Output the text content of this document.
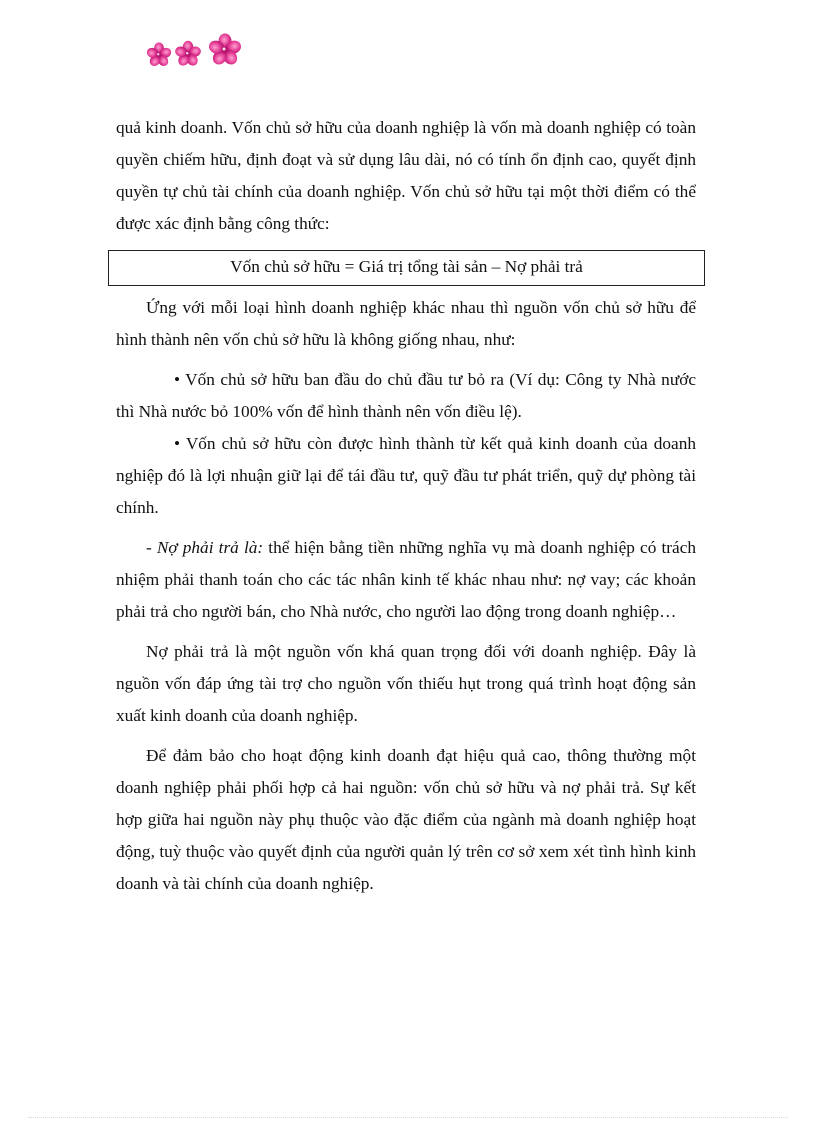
quả kinh doanh. Vốn chủ sở hữu của doanh nghiệp là vốn mà doanh nghiệp có toàn quyền chiếm hữu, định đoạt và sử dụng lâu dài, nó có tính ổn định cao, quyết định quyền tự chủ tài chính của doanh nghiệp. Vốn chủ sở hữu tại một thời điểm có thể được xác định bằng công thức:

Vốn chủ sở hữu = Giá trị tổng tài sản – Nợ phải trả

Ứng với mỗi loại hình doanh nghiệp khác nhau thì nguồn vốn chủ sở hữu để hình thành nên vốn chủ sở hữu là không giống nhau, như:

• Vốn chủ sở hữu ban đầu do chủ đầu tư bỏ ra (Ví dụ: Công ty Nhà nước thì Nhà nước bỏ 100% vốn để hình thành nên vốn điều lệ).

• Vốn chủ sở hữu còn được hình thành từ kết quả kinh doanh của doanh nghiệp đó là lợi nhuận giữ lại để tái đầu tư, quỹ đầu tư phát triển, quỹ dự phòng tài chính.

- Nợ phải trả là: thể hiện bằng tiền những nghĩa vụ mà doanh nghiệp có trách nhiệm phải thanh toán cho các tác nhân kinh tế khác nhau như: nợ vay; các khoản phải trả cho người bán, cho Nhà nước, cho người lao động trong doanh nghiệp…

Nợ phải trả là một nguồn vốn khá quan trọng đối với doanh nghiệp. Đây là nguồn vốn đáp ứng tài trợ cho nguồn vốn thiếu hụt trong quá trình hoạt động sản xuất kinh doanh của doanh nghiệp.

Để đảm bảo cho hoạt động kinh doanh đạt hiệu quả cao, thông thường một doanh nghiệp phải phối hợp cả hai nguồn: vốn chủ sở hữu và nợ phải trả. Sự kết hợp giữa hai nguồn này phụ thuộc vào đặc điểm của ngành mà doanh nghiệp hoạt động, tuỳ thuộc vào quyết định của người quản lý trên cơ sở xem xét tình hình kinh doanh và tài chính của doanh nghiệp.
